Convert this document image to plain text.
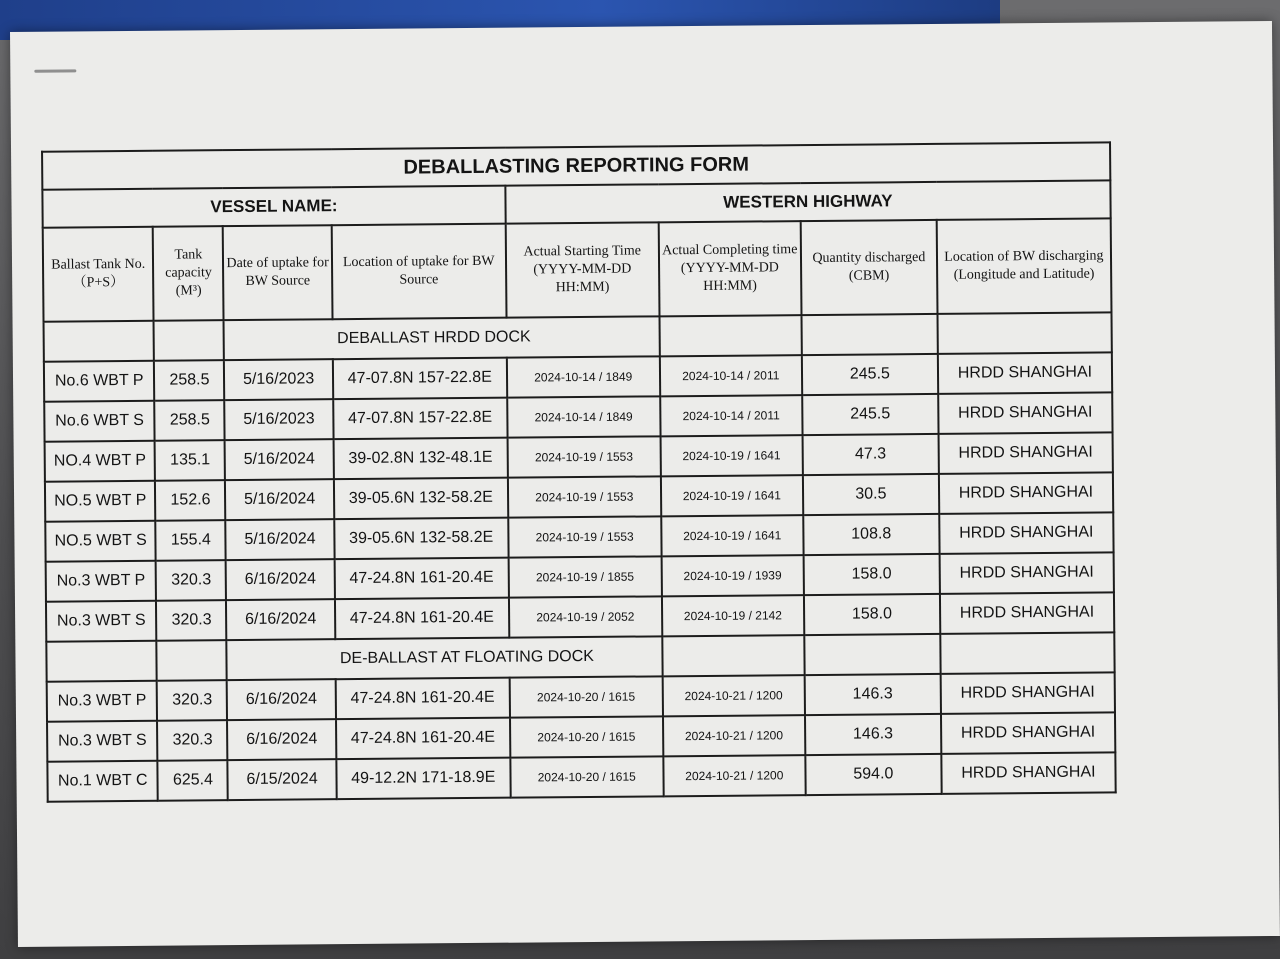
DEBALLASTING REPORTING FORM							
VESSEL NAME:				WESTERN HIGHWAY			
Ballast Tank No. （P+S）	Tank capacity (M³)	Date of uptake for BW Source	Location of uptake for BW Source	Actual Starting Time (YYYY-MM-DD HH:MM)	Actual Completing time (YYYY-MM-DD HH:MM)	Quantity discharged (CBM)	Location of BW discharging (Longitude and Latitude)
		DEBALLAST HRDD DOCK					
No.6 WBT P	258.5	5/16/2023	47-07.8N 157-22.8E	2024-10-14 / 1849	2024-10-14 / 2011	245.5	HRDD SHANGHAI
No.6 WBT S	258.5	5/16/2023	47-07.8N 157-22.8E	2024-10-14 / 1849	2024-10-14 / 2011	245.5	HRDD SHANGHAI
NO.4 WBT P	135.1	5/16/2024	39-02.8N 132-48.1E	2024-10-19 / 1553	2024-10-19 / 1641	47.3	HRDD SHANGHAI
NO.5 WBT P	152.6	5/16/2024	39-05.6N 132-58.2E	2024-10-19 / 1553	2024-10-19 / 1641	30.5	HRDD SHANGHAI
NO.5 WBT S	155.4	5/16/2024	39-05.6N 132-58.2E	2024-10-19 / 1553	2024-10-19 / 1641	108.8	HRDD SHANGHAI
No.3 WBT P	320.3	6/16/2024	47-24.8N 161-20.4E	2024-10-19 / 1855	2024-10-19 / 1939	158.0	HRDD SHANGHAI
No.3 WBT S	320.3	6/16/2024	47-24.8N 161-20.4E	2024-10-19 / 2052	2024-10-19 / 2142	158.0	HRDD SHANGHAI
		DE-BALLAST AT FLOATING DOCK					
No.3 WBT P	320.3	6/16/2024	47-24.8N 161-20.4E	2024-10-20 / 1615	2024-10-21 / 1200	146.3	HRDD SHANGHAI
No.3 WBT S	320.3	6/16/2024	47-24.8N 161-20.4E	2024-10-20 / 1615	2024-10-21 / 1200	146.3	HRDD SHANGHAI
No.1 WBT C	625.4	6/15/2024	49-12.2N 171-18.9E	2024-10-20 / 1615	2024-10-21 / 1200	594.0	HRDD SHANGHAI
